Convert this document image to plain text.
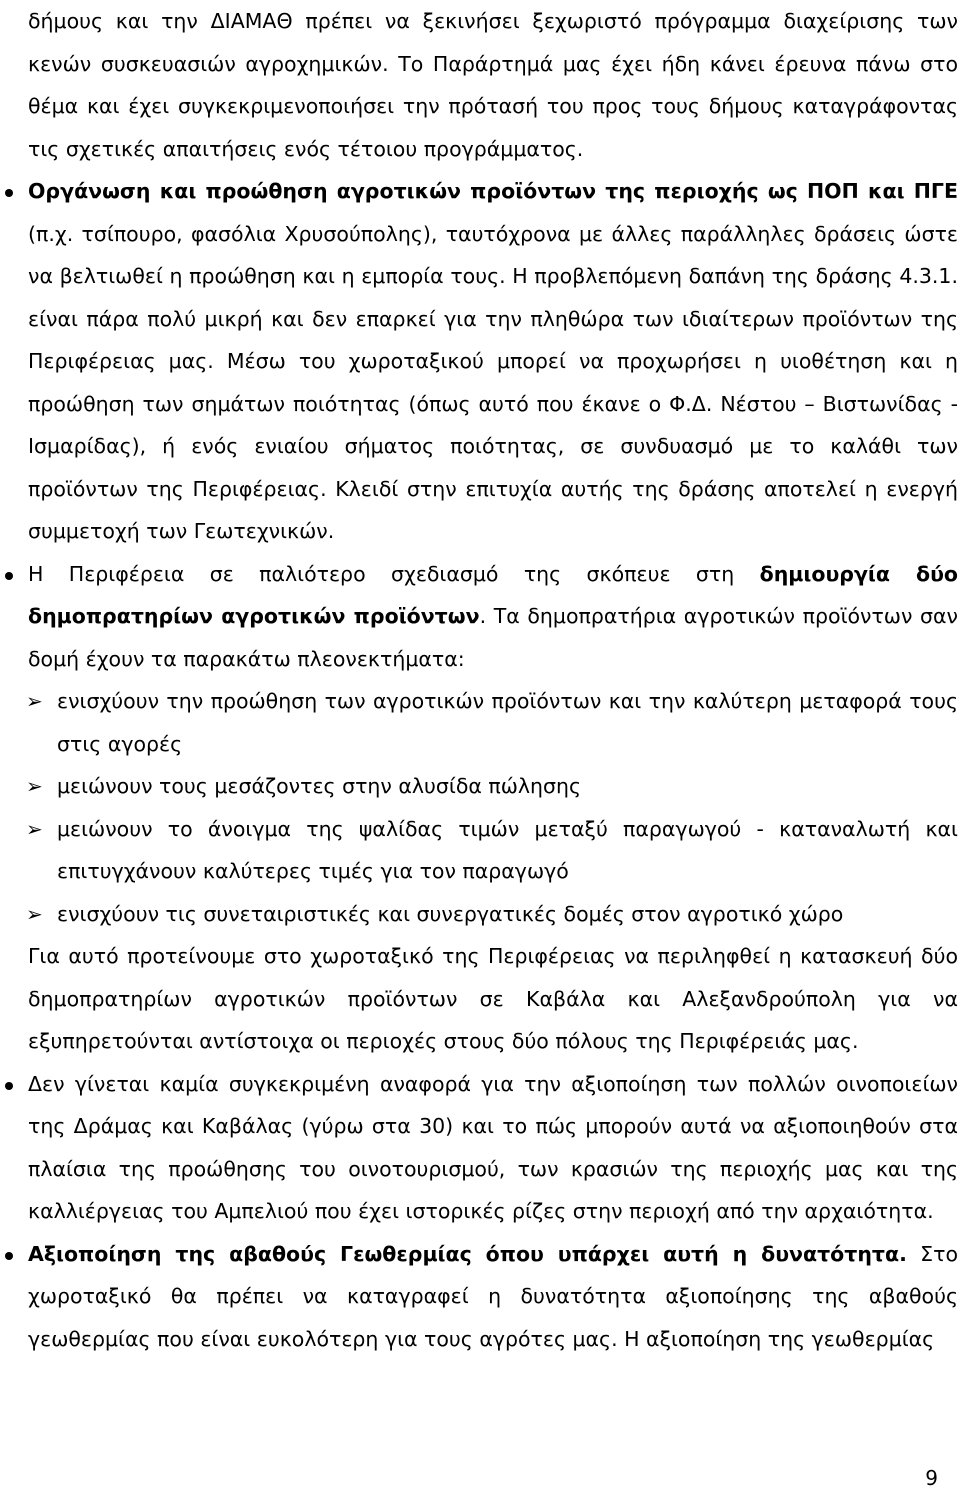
δήμους και την ΔΙΑΜΑΘ πρέπει να ξεκινήσει ξεχωριστό πρόγραμμα διαχείρισης των κενών συσκευασιών αγροχημικών. Το Παράρτημά μας έχει ήδη κάνει έρευνα πάνω στο θέμα και έχει συγκεκριμενοποιήσει την πρότασή του προς τους δήμους καταγράφοντας τις σχετικές απαιτήσεις ενός τέτοιου προγράμματος.

Οργάνωση και προώθηση αγροτικών προϊόντων της περιοχής ως ΠΟΠ και ΠΓΕ (π.χ. τσίπουρο, φασόλια Χρυσούπολης), ταυτόχρονα με άλλες παράλληλες δράσεις ώστε να βελτιωθεί η προώθηση και η εμπορία τους. Η προβλεπόμενη δαπάνη της δράσης 4.3.1. είναι πάρα πολύ μικρή και δεν επαρκεί για την πληθώρα των ιδιαίτερων προϊόντων της Περιφέρειας μας. Μέσω του χωροταξικού μπορεί να προχωρήσει η υιοθέτηση και η προώθηση των σημάτων ποιότητας (όπως αυτό που έκανε ο Φ.Δ. Νέστου – Βιστωνίδας - Ισμαρίδας), ή ενός ενιαίου σήματος ποιότητας, σε συνδυασμό με το καλάθι των προϊόντων της Περιφέρειας. Κλειδί στην επιτυχία αυτής της δράσης αποτελεί η ενεργή συμμετοχή των Γεωτεχνικών.

Η Περιφέρεια σε παλιότερο σχεδιασμό της σκόπευε στη δημιουργία δύο δημοπρατηρίων αγροτικών προϊόντων. Τα δημοπρατήρια αγροτικών προϊόντων σαν δομή έχουν τα παρακάτω πλεονεκτήματα:

➢ ενισχύουν την προώθηση των αγροτικών προϊόντων και την καλύτερη μεταφορά τους στις αγορές

➢ μειώνουν τους μεσάζοντες στην αλυσίδα πώλησης

➢ μειώνουν το άνοιγμα της ψαλίδας τιμών μεταξύ παραγωγού - καταναλωτή και επιτυγχάνουν καλύτερες τιμές για τον παραγωγό

➢ ενισχύουν τις συνεταιριστικές και συνεργατικές δομές στον αγροτικό χώρο

Για αυτό προτείνουμε στο χωροταξικό της Περιφέρειας να περιληφθεί η κατασκευή δύο δημοπρατηρίων αγροτικών προϊόντων σε Καβάλα και Αλεξανδρούπολη για να εξυπηρετούνται αντίστοιχα οι περιοχές στους δύο πόλους της Περιφέρειάς μας.

Δεν γίνεται καμία συγκεκριμένη αναφορά για την αξιοποίηση των πολλών οινοποιείων της Δράμας και Καβάλας (γύρω στα 30) και το πώς μπορούν αυτά να αξιοποιηθούν στα πλαίσια της προώθησης του οινοτουρισμού, των κρασιών της περιοχής μας και της καλλιέργειας του Αμπελιού που έχει ιστορικές ρίζες στην περιοχή από την αρχαιότητα.

Αξιοποίηση της αβαθούς Γεωθερμίας όπου υπάρχει αυτή η δυνατότητα. Στο χωροταξικό θα πρέπει να καταγραφεί η δυνατότητα αξιοποίησης της αβαθούς γεωθερμίας που είναι ευκολότερη για τους αγρότες μας. Η αξιοποίηση της γεωθερμίας

9
